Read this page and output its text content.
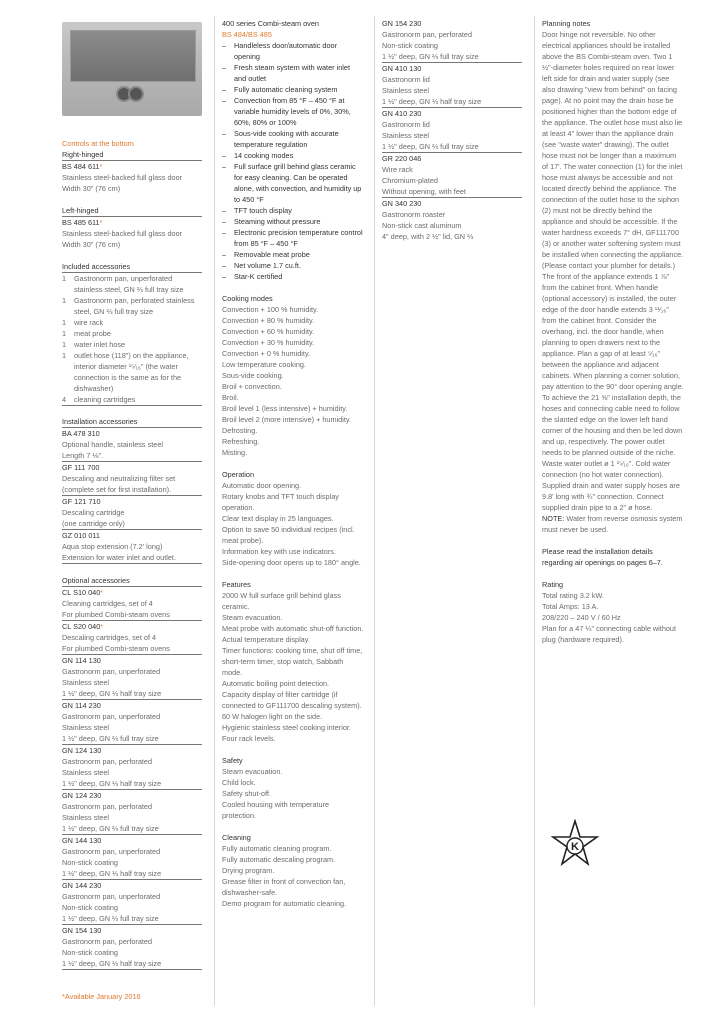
Controls at the bottom
Right-hinged
BS 484 611*
Stainless steel-backed full glass door
Width 30" (76 cm)
Left-hinged
BS 485 611*
Stainless steel-backed full glass door
Width 30" (76 cm)
Included accessories
1 Gastronorm pan, unperforated stainless steel, GN ⅔ full tray size
1 Gastronorm pan, perforated stainless steel, GN ⅔ full tray size
1 wire rack
1 meat probe
1 water inlet hose
1 outlet hose (118") on the appliance, interior diameter ¹⁵⁄₁₆" (the water connection is the same as for the dishwasher)
4 cleaning cartridges
Installation accessories
BA 478 310
Optional handle, stainless steel
Length 7 ⅛".
GF 111 700
Descaling and neutralizing filter set (complete set for first installation).
GF 121 710
Descaling cartridge
(one cartridge only)
GZ 010 011
Aqua stop extension (7.2' long)
Extension for water inlet and outlet.
Optional accessories
CL S10 040*
Cleaning cartridges, set of 4
For plumbed Combi-steam ovens
CL S20 040*
Descaling cartridges, set of 4
For plumbed Combi-steam ovens
GN 114 130
Gastronorm pan, unperforated
Stainless steel
1 ½" deep, GN ⅓ half tray size
GN 114 230
Gastronorm pan, unperforated
Stainless steel
1 ½" deep, GN ⅔ full tray size
GN 124 130
Gastronorm pan, perforated
Stainless steel
1 ½" deep, GN ⅓ half tray size
GN 124 230
Gastronorm pan, perforated
Stainless steel
1 ½" deep, GN ⅔ full tray size
GN 144 130
Gastronorm pan, unperforated
Non-stick coating
1 ½" deep, GN ⅓ half tray size
GN 144 230
Gastronorm pan, unperforated
Non-stick coating
1 ½" deep, GN ⅔ full tray size
GN 154 130
Gastronorm pan, perforated
Non-stick coating
1 ½" deep, GN ⅓ half tray size
*Available January 2016
400 series Combi-steam oven
BS 484/BS 485
– Handleless door/automatic door opening
– Fresh steam system with water inlet and outlet
– Fully automatic cleaning system
– Convection from 85 °F – 450 °F at variable humidity levels of 0%, 30%, 60%, 80% or 100%
– Sous-vide cooking with accurate temperature regulation
– 14 cooking modes
– Full surface grill behind glass ceramic for easy cleaning. Can be operated alone, with convection, and humidity up to 450 °F
– TFT touch display
– Steaming without pressure
– Electronic precision temperature control from 85 °F – 450 °F
– Removable meat probe
– Net volume 1.7 cu.ft.
– Star-K certified
Cooking modes
Convection + 100 % humidity.
Convection + 80 % humidity.
Convection + 60 % humidity.
Convection + 30 % humidity.
Convection + 0 % humidity.
Low temperature cooking.
Sous-vide cooking.
Broil + convection.
Broil.
Broil level 1 (less intensive) + humidity.
Broil level 2 (more intensive) + humidity.
Defrosting.
Refreshing.
Misting.
Operation
Automatic door opening.
Rotary knobs and TFT touch display operation.
Clear text display in 25 languages.
Option to save 50 individual recipes (incl. meat probe).
Information key with use indicators.
Side-opening door opens up to 180° angle.
Features
2000 W full surface grill behind glass ceramic.
Steam evacuation.
Meat probe with automatic shut-off function.
Actual temperature display.
Timer functions: cooking time, shut off time, short-term timer, stop watch, Sabbath mode.
Automatic boiling point detection.
Capacity display of filter cartridge (if connected to GF111700 descaling system).
60 W halogen light on the side.
Hygienic stainless steel cooking interior.
Four rack levels.
Safety
Steam evacuation.
Child lock.
Safety shut-off.
Cooled housing with temperature protection.
Cleaning
Fully automatic cleaning program.
Fully automatic descaling program.
Drying program.
Grease filter in front of convection fan, dishwasher-safe.
Demo program for automatic cleaning.
GN 154 230
Gastronorm pan, perforated
Non-stick coating
1 ½" deep, GN ⅔ full tray size
GN 410 130
Gastronorm lid
Stainless steel
1 ½" deep, GN ⅓ half tray size
GN 410 230
Gastronorm lid
Stainless steel
1 ½" deep, GN ⅔ full tray size
GR 220 046
Wire rack
Chromium-plated
Without opening, with feet
GN 340 230
Gastronorm roaster
Non-stick cast aluminum
4" deep, with 2 ½" lid, GN ⅔
Planning notes

Door hinge not reversible. No other electrical appliances should be installed above the BS Combi-steam oven. Two 1 ½"-diameter holes required on rear lower left side for drain and water supply (see also drawing "view from behind" on facing page). At no point may the drain hose be positioned higher than the bottom edge of the appliance. The outlet hose must also lie at least 4" lower than the appliance drain (see "waste water" drawing). The outlet hose must not be longer than a maximum of 17'. The water connection (1) for the inlet hose must always be accessible and not located directly behind the appliance. The connection of the outlet hose to the siphon (2) must not be directly behind the appliance and should be accessible. If the water hardness exceeds 7° dH, GF111700 (3) or another water softening system must be installed when connecting the appliance. (Please contact your plumber for details.) The front of the appliance extends 1 ⅞" from the cabinet front. When handle (optional accessory) is installed, the outer edge of the door handle extends 3 ¹¹⁄₁₆" from the cabinet front. Consider the overhang, incl. the door handle, when planning to open drawers next to the appliance. Plan a gap of at least ⁵⁄₁₆" between the appliance and adjacent cabinets. When planning a corner solution, pay attention to the 90° door opening angle. To achieve the 21 ⅝" installation depth, the hoses and connecting cable need to follow the slanted edge on the lower left hand corner of the housing and then be led down and up, respectively. The power outlet needs to be planned outside of the niche. Waste water outlet ø 1 ¹⁵⁄₁₆". Cold water connection (no hot water connection). Supplied drain and water supply hoses are 9.8' long with ¾" connection. Connect supplied drain pipe to a 2" ø hose.

NOTE: Water from reverse osmosis system must never be used.

Please read the installation details regarding air openings on pages 6–7.

Rating
Total rating 3.2 kW.
Total Amps: 13 A.
208/220 – 240 V / 60 Hz
Plan for a 47 ¼" connecting cable without plug (hardware required).
K
